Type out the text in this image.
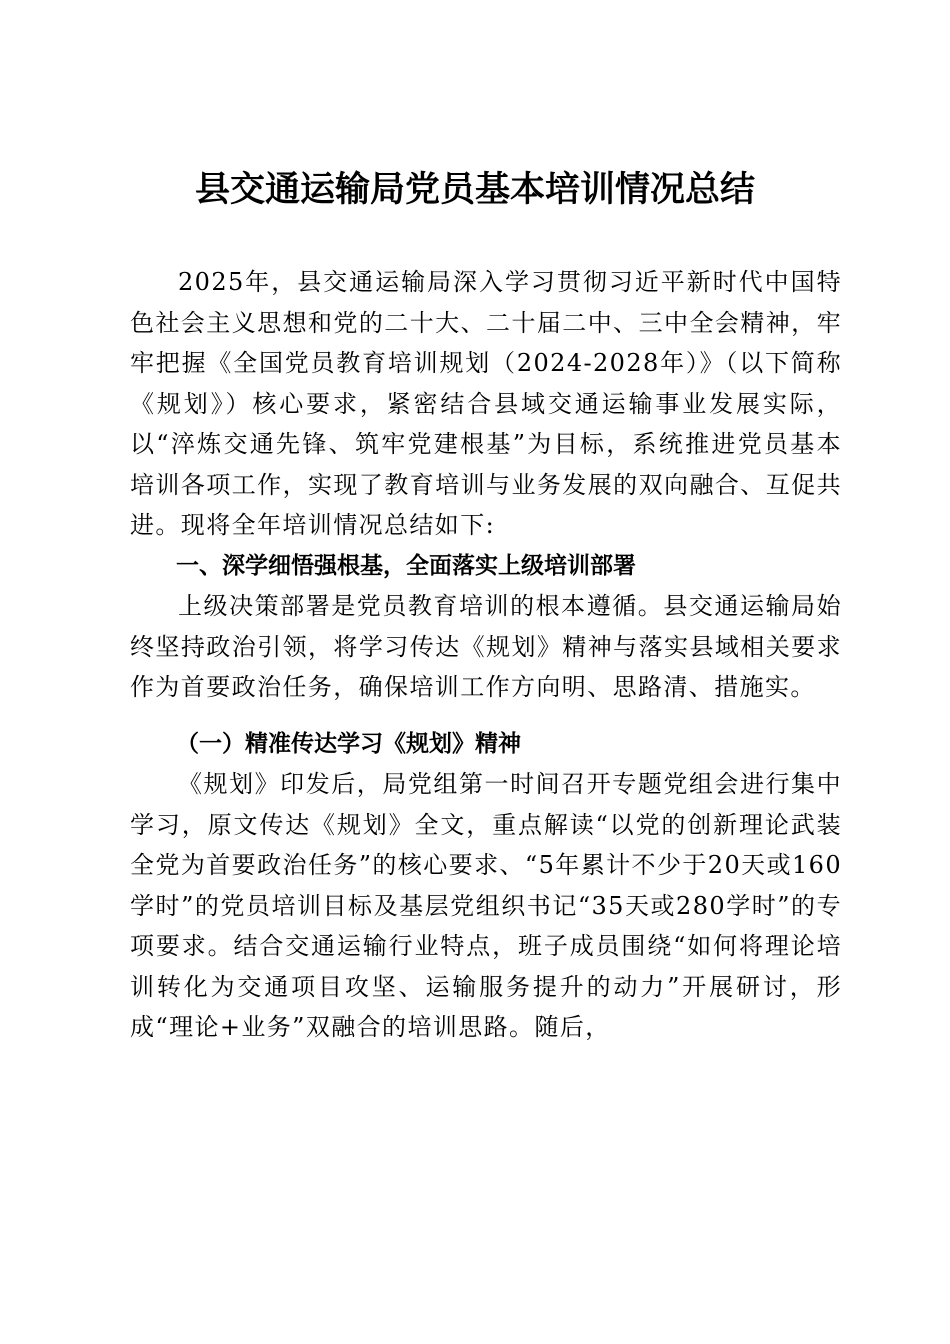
县交通运输局党员基本培训情况总结

2025年，县交通运输局深入学习贯彻习近平新时代中国特色社会主义思想和党的二十大、二十届二中、三中全会精神，牢牢把握《全国党员教育培训规划（2024-2028年）》（以下简称《规划》）核心要求，紧密结合县域交通运输事业发展实际，以“淬炼交通先锋、筑牢党建根基”为目标，系统推进党员基本培训各项工作，实现了教育培训与业务发展的双向融合、互促共进。现将全年培训情况总结如下:

一、深学细悟强根基，全面落实上级培训部署

上级决策部署是党员教育培训的根本遵循。县交通运输局始终坚持政治引领，将学习传达《规划》精神与落实县域相关要求作为首要政治任务，确保培训工作方向明、思路清、措施实。

（一）精准传达学习《规划》精神

《规划》印发后，局党组第一时间召开专题党组会进行集中学习，原文传达《规划》全文，重点解读“以党的创新理论武装全党为首要政治任务”的核心要求、“5年累计不少于20天或160学时”的党员培训目标及基层党组织书记“35天或280学时”的专项要求。结合交通运输行业特点，班子成员围绕“如何将理论培训转化为交通项目攻坚、运输服务提升的动力”开展研讨，形成“理论+业务”双融合的培训思路。随后，
